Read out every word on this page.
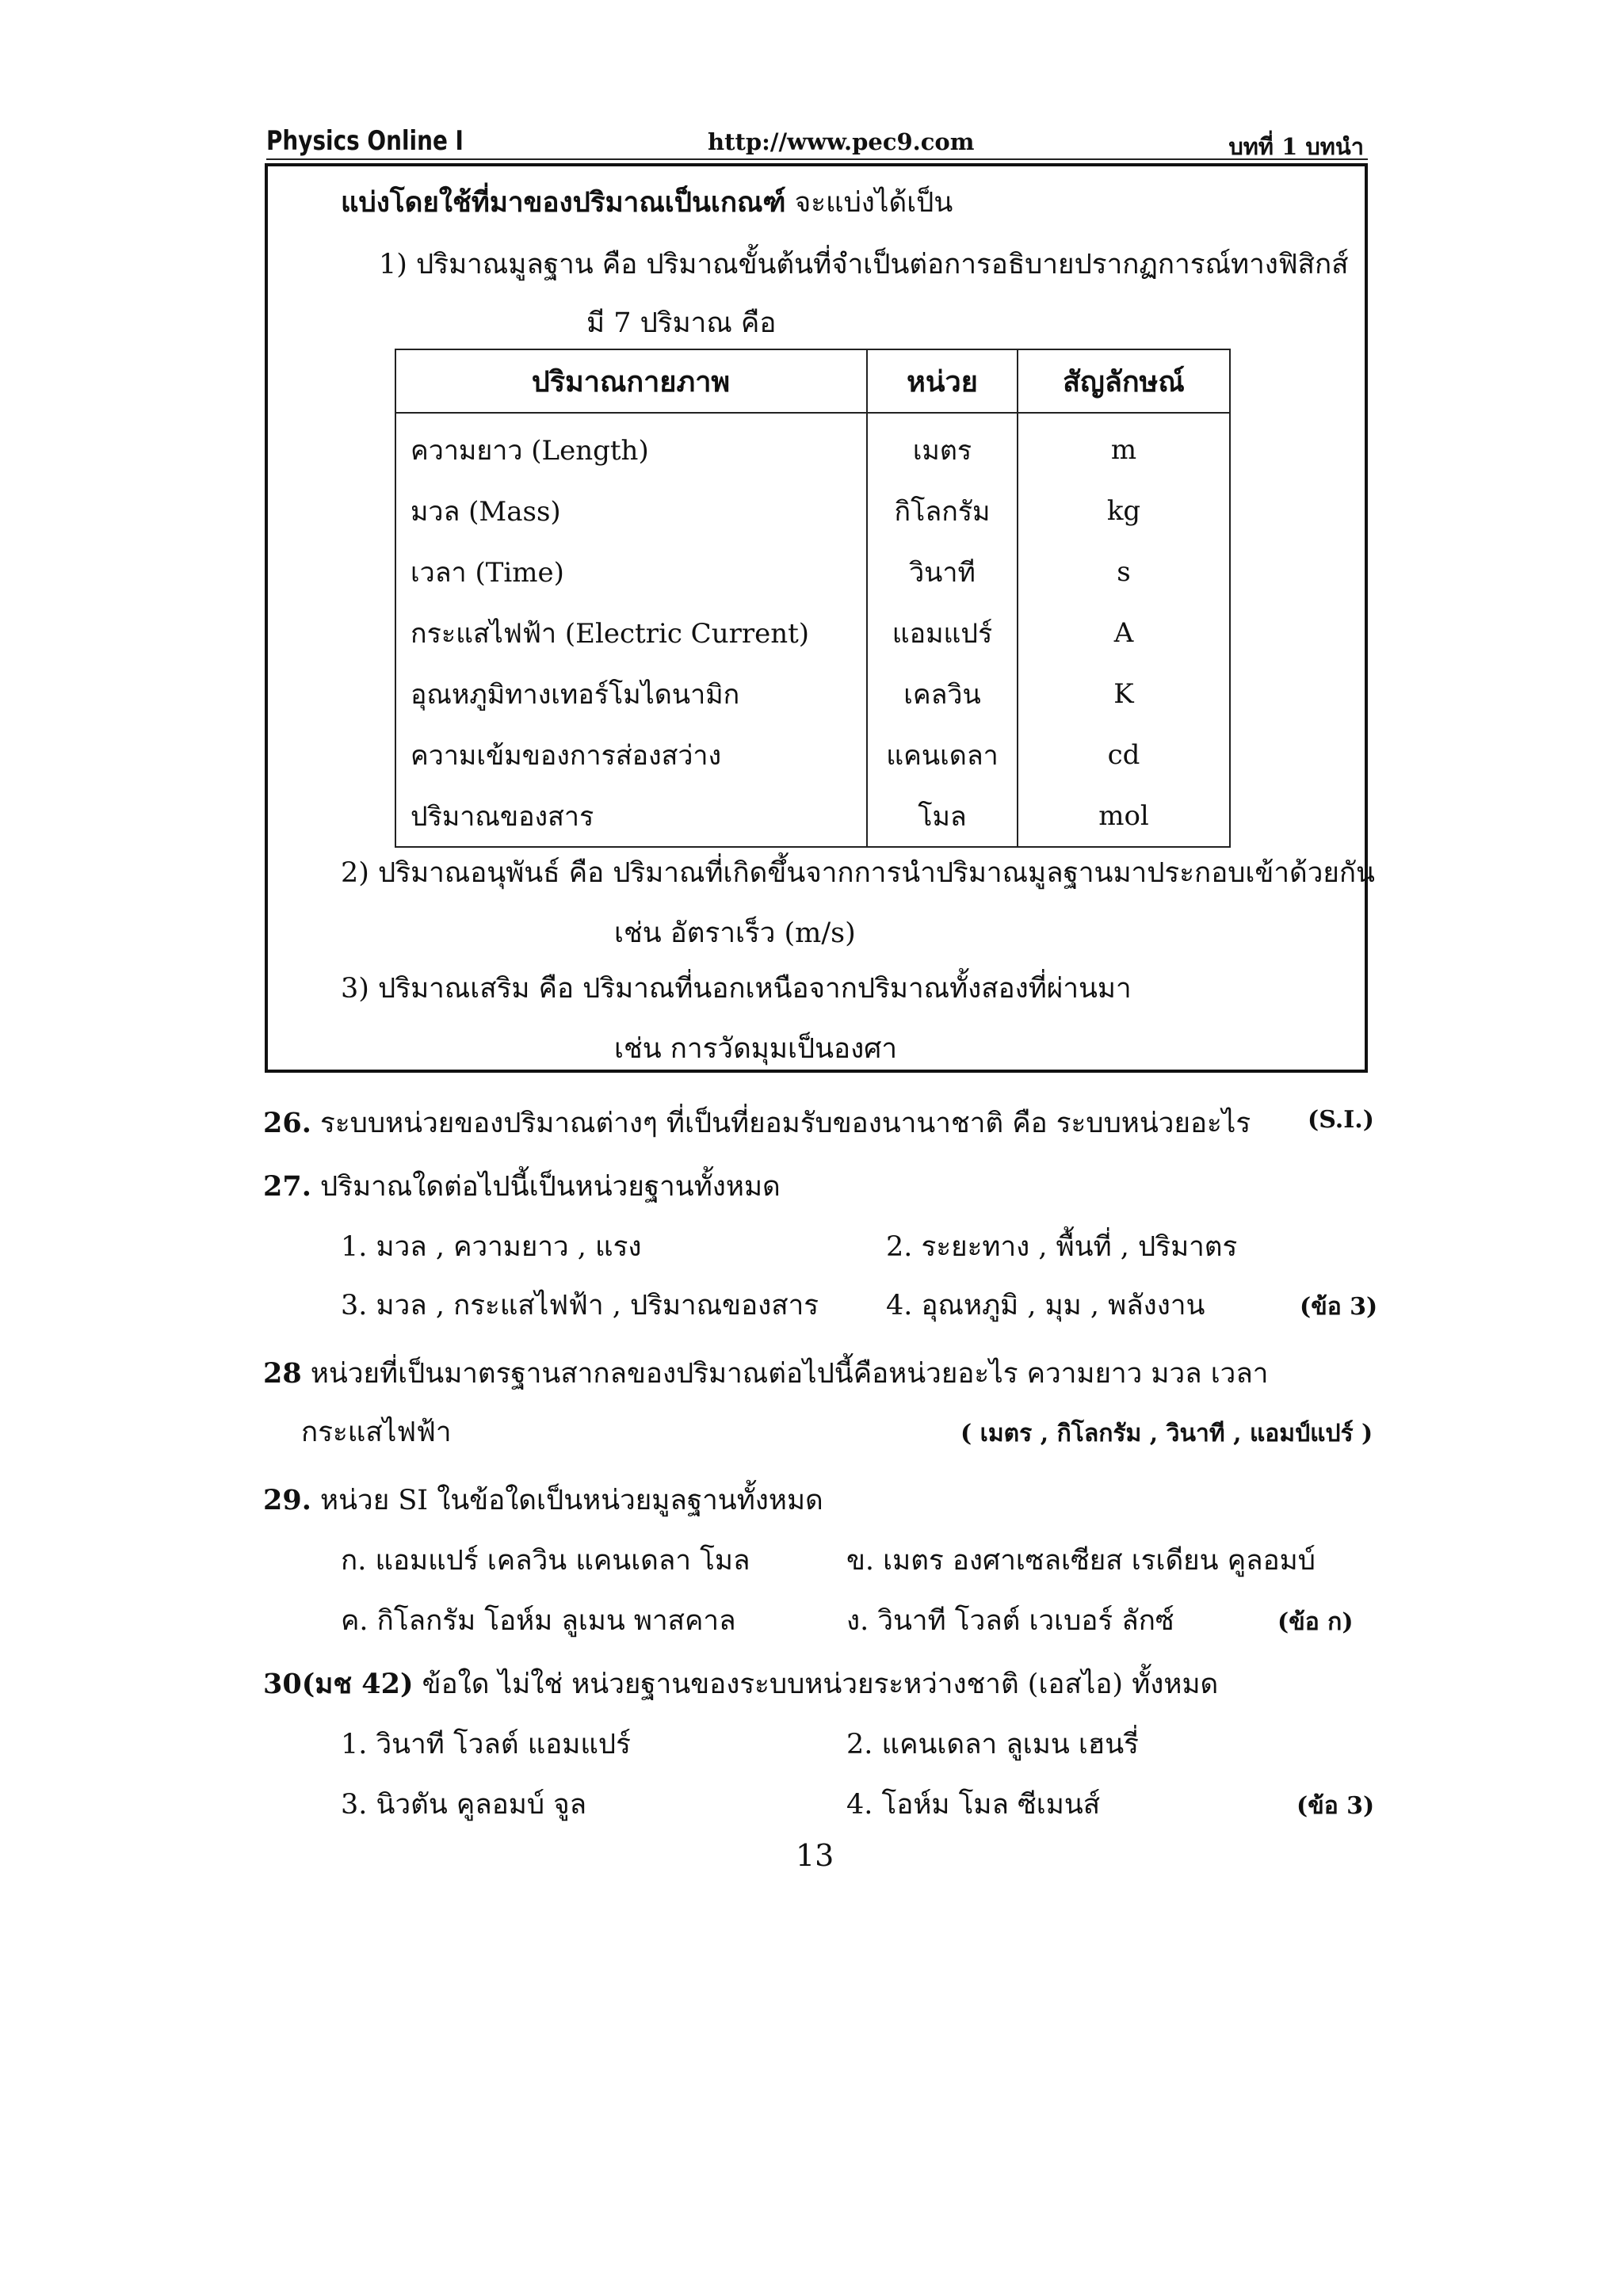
Physics Online I	http://www.pec9.com	บทที่ 1 บทนำ
แบ่งโดยใช้ที่มาของปริมาณเป็นเกณฑ์ จะแบ่งได้เป็น
1) ปริมาณมูลฐาน คือ ปริมาณขั้นต้นที่จำเป็นต่อการอธิบายปรากฏการณ์ทางฟิสิกส์
มี 7 ปริมาณ คือ
ปริมาณกายภาพ	หน่วย	สัญลักษณ์
ความยาว (Length)	เมตร	m
มวล (Mass)	กิโลกรัม	kg
เวลา (Time)	วินาที	s
กระแสไฟฟ้า (Electric Current)	แอมแปร์	A
อุณหภูมิทางเทอร์โมไดนามิก	เคลวิน	K
ความเข้มของการส่องสว่าง	แคนเดลา	cd
ปริมาณของสาร	โมล	mol
2) ปริมาณอนุพันธ์ คือ ปริมาณที่เกิดขึ้นจากการนำปริมาณมูลฐานมาประกอบเข้าด้วยกัน
เช่น อัตราเร็ว (m/s)
3) ปริมาณเสริม คือ ปริมาณที่นอกเหนือจากปริมาณทั้งสองที่ผ่านมา
เช่น การวัดมุมเป็นองศา
26. ระบบหน่วยของปริมาณต่างๆ ที่เป็นที่ยอมรับของนานาชาติ คือ ระบบหน่วยอะไร (S.I.)
27. ปริมาณใดต่อไปนี้เป็นหน่วยฐานทั้งหมด
1. มวล , ความยาว , แรง	2. ระยะทาง , พื้นที่ , ปริมาตร
3. มวล , กระแสไฟฟ้า , ปริมาณของสาร 4. อุณหภูมิ , มุม , พลังงาน	(ข้อ 3)
28 หน่วยที่เป็นมาตรฐานสากลของปริมาณต่อไปนี้คือหน่วยอะไร ความยาว มวล เวลา
กระแสไฟฟ้า	( เมตร , กิโลกรัม , วินาที , แอมป์แปร์ )
29. หน่วย SI ในข้อใดเป็นหน่วยมูลฐานทั้งหมด
ก. แอมแปร์ เคลวิน แคนเดลา โมล	ข. เมตร องศาเซลเซียส เรเดียน คูลอมบ์
ค. กิโลกรัม โอห์ม ลูเมน พาสคาล	ง. วินาที โวลต์ เวเบอร์ ลักซ์	(ข้อ ก)
30(มช 42) ข้อใด ไม่ใช่ หน่วยฐานของระบบหน่วยระหว่างชาติ (เอสไอ) ทั้งหมด
1. วินาที โวลต์ แอมแปร์	2. แคนเดลา ลูเมน เฮนรี่
3. นิวตัน คูลอมบ์ จูล	4. โอห์ม โมล ซีเมนส์	(ข้อ 3)
13
